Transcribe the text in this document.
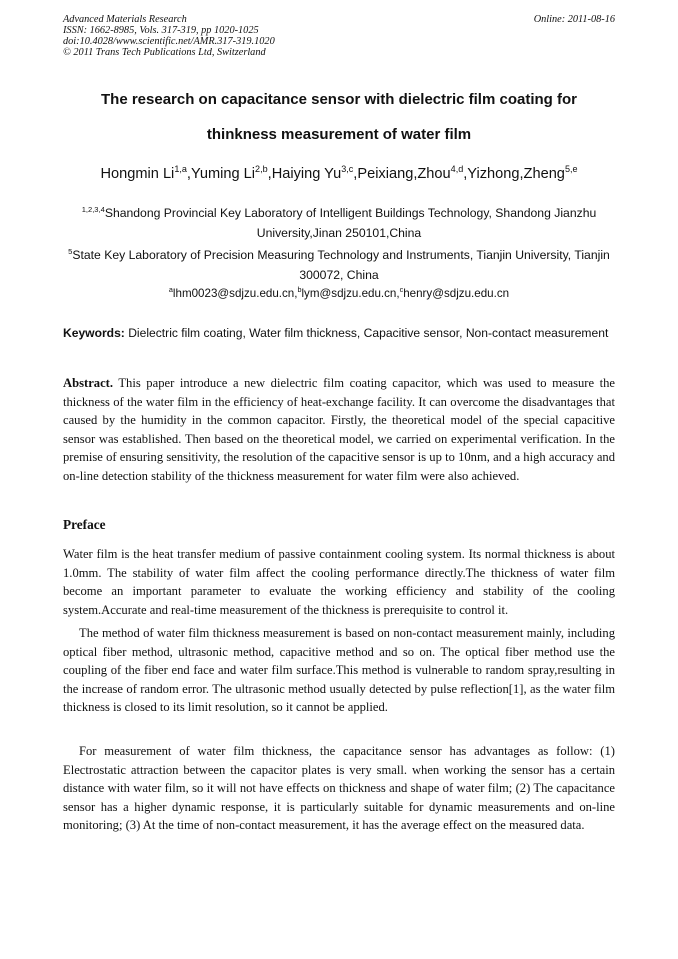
Advanced Materials Research
ISSN: 1662-8985, Vols. 317-319, pp 1020-1025
doi:10.4028/www.scientific.net/AMR.317-319.1020
© 2011 Trans Tech Publications Ltd, Switzerland
Online: 2011-08-16
The research on capacitance sensor with dielectric film coating for
thinkness measurement of water film
Hongmin Li$^{1,a}$,Yuming Li$^{2,b}$,Haiying Yu$^{3,c}$,Peixiang,Zhou$^{4,d}$,Yizhong,Zheng$^{5,e}$
$^{1,2,3,4}$Shandong Provincial Key Laboratory of Intelligent Buildings Technology, Shandong Jianzhu University,Jinan 250101,China
$^5$State Key Laboratory of Precision Measuring Technology and Instruments, Tianjin University, Tianjin 300072, China
$^a$lhm0023@sdjzu.edu.cn,$^b$lym@sdjzu.edu.cn,$^c$henry@sdjzu.edu.cn
Keywords: Dielectric film coating, Water film thickness, Capacitive sensor, Non-contact measurement
Abstract. This paper introduce a new dielectric film coating capacitor, which was used to measure the thickness of the water film in the efficiency of heat-exchange facility. It can overcome the disadvantages that caused by the humidity in the common capacitor. Firstly, the theoretical model of the special capacitive sensor was established. Then based on the theoretical model, we carried on experimental verification. In the premise of ensuring sensitivity, the resolution of the capacitive sensor is up to 10nm, and a high accuracy and on-line detection stability of the thickness measurement for water film were also achieved.
Preface
Water film is the heat transfer medium of passive containment cooling system. Its normal thickness is about 1.0mm. The stability of water film affect the cooling performance directly.The thickness of water film become an important parameter to evaluate the working efficiency and stability of the cooling system.Accurate and real-time measurement of the thickness is prerequisite to control it.
The method of water film thickness measurement is based on non-contact measurement mainly, including optical fiber method, ultrasonic method, capacitive method and so on. The optical fiber method use the coupling of the fiber end face and water film surface.This method is vulnerable to random spray,resulting in the increase of random error. The ultrasonic method usually detected by pulse reflection[1], as the water film thickness is closed to its limit resolution, so it cannot be applied.
For measurement of water film thickness, the capacitance sensor has advantages as follow: (1) Electrostatic attraction between the capacitor plates is very small. when working the sensor has a certain distance with water film, so it will not have effects on thickness and shape of water film; (2) The capacitance sensor has a higher dynamic response, it is particularly suitable for dynamic measurements and on-line monitoring; (3) At the time of non-contact measurement, it has the average effect on the measured data.
